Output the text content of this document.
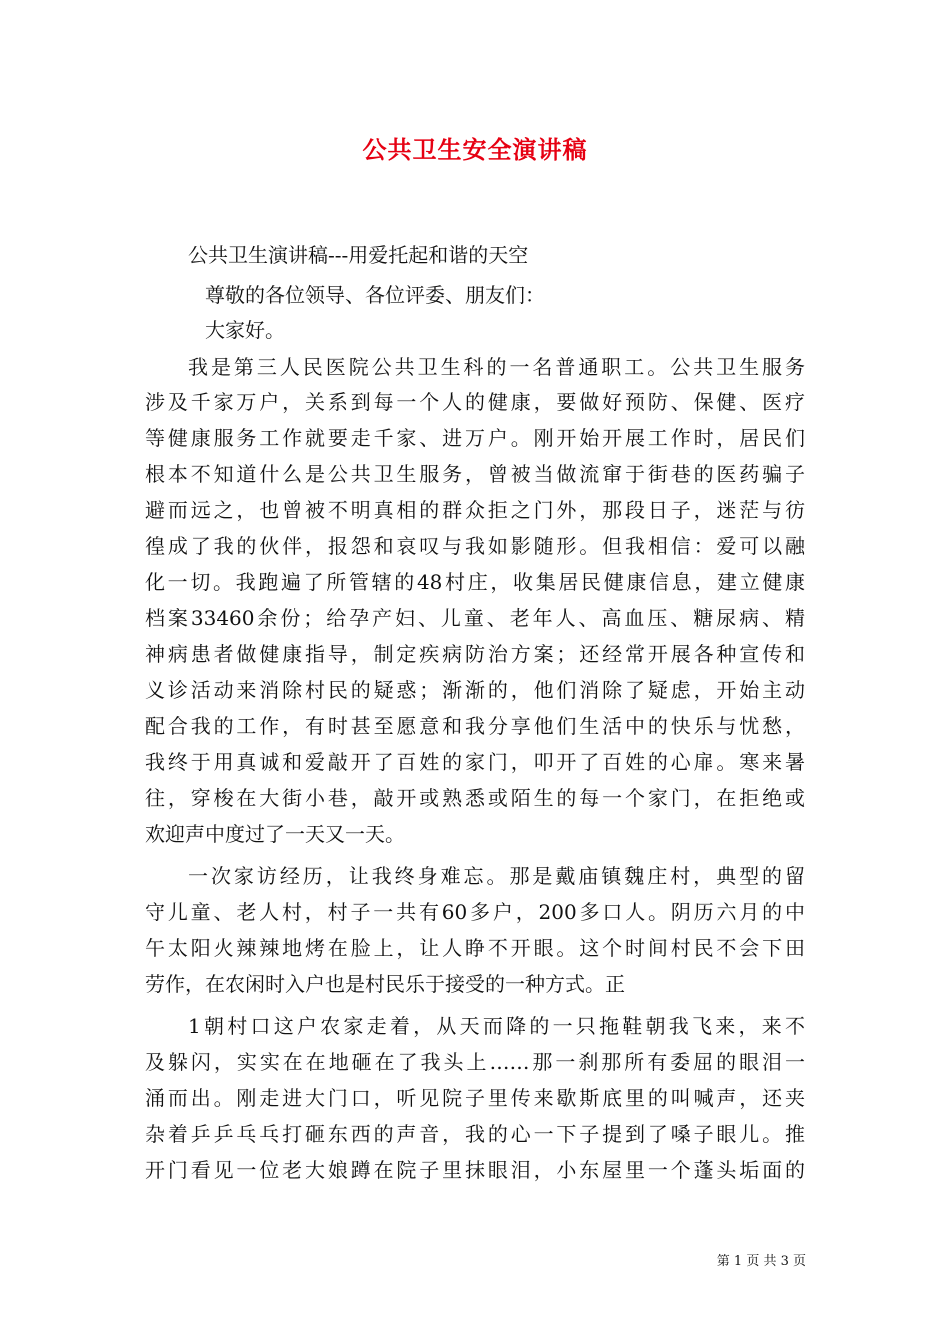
公共卫生安全演讲稿
公共卫生演讲稿---用爱托起和谐的天空
尊敬的各位领导、各位评委、朋友们：
大家好。
我是第三人民医院公共卫生科的一名普通职工。公共卫生服务
涉及千家万户，关系到每一个人的健康，要做好预防、保健、医疗
等健康服务工作就要走千家、进万户。刚开始开展工作时，居民们
根本不知道什么是公共卫生服务，曾被当做流窜于街巷的医药骗子
避而远之，也曾被不明真相的群众拒之门外，那段日子，迷茫与彷
徨成了我的伙伴，报怨和哀叹与我如影随形。但我相信：爱可以融
化一切。我跑遍了所管辖的48村庄，收集居民健康信息，建立健康
档案33460余份；给孕产妇、儿童、老年人、高血压、糖尿病、精
神病患者做健康指导，制定疾病防治方案；还经常开展各种宣传和
义诊活动来消除村民的疑惑；渐渐的，他们消除了疑虑，开始主动
配合我的工作，有时甚至愿意和我分享他们生活中的快乐与忧愁，
我终于用真诚和爱敲开了百姓的家门，叩开了百姓的心扉。寒来暑
往，穿梭在大街小巷，敲开或熟悉或陌生的每一个家门，在拒绝或
欢迎声中度过了一天又一天。
一次家访经历，让我终身难忘。那是戴庙镇魏庄村，典型的留
守儿童、老人村，村子一共有60多户，200多口人。阴历六月的中
午太阳火辣辣地烤在脸上，让人睁不开眼。这个时间村民不会下田
劳作，在农闲时入户也是村民乐于接受的一种方式。正
1朝村口这户农家走着，从天而降的一只拖鞋朝我飞来，来不
及躲闪，实实在在地砸在了我头上……那一刹那所有委屈的眼泪一
涌而出。刚走进大门口，听见院子里传来歇斯底里的叫喊声，还夹
杂着乒乒乓乓打砸东西的声音，我的心一下子提到了嗓子眼儿。推
开门看见一位老大娘蹲在院子里抹眼泪，小东屋里一个蓬头垢面的
第 1 页 共 3 页
